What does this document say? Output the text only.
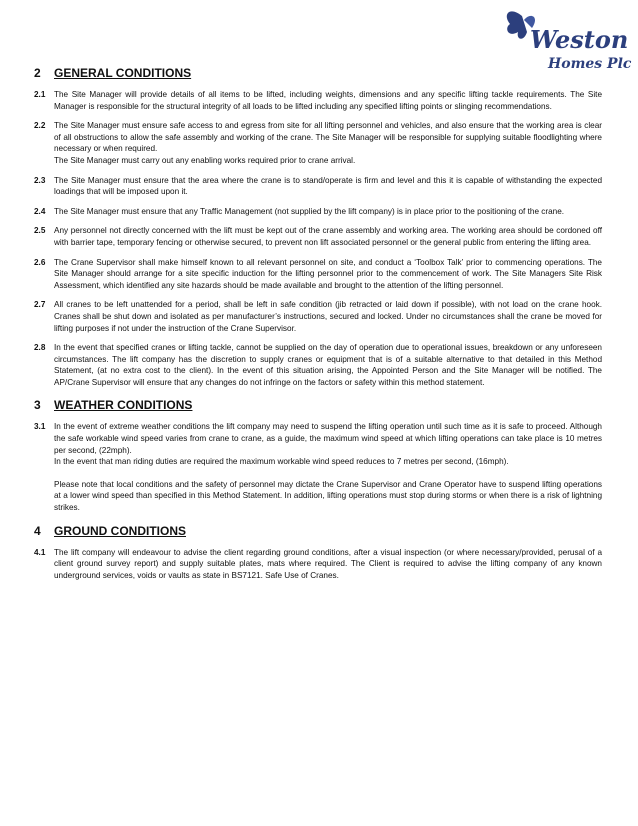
Weston
Homes Plc
2	GENERAL CONDITIONS
2.1	The Site Manager will provide details of all items to be lifted, including weights, dimensions and any specific lifting tackle requirements. The Site Manager is responsible for the structural integrity of all loads to be lifted including any specified lifting points or slinging recommendations.

2.2	The Site Manager must ensure safe access to and egress from site for all lifting personnel and vehicles, and also ensure that the working area is clear of all obstructions to allow the safe assembly and working of the crane. The Site Manager will be responsible for supplying suitable floodlighting where necessary or when required.

The Site Manager must carry out any enabling works required prior to crane arrival.

2.3	The Site Manager must ensure that the area where the crane is to stand/operate is firm and level and this it is capable of withstanding the expected loadings that will be imposed upon it.

2.4	The Site Manager must ensure that any Traffic Management (not supplied by the lift company) is in place prior to the positioning of the crane.

2.5	Any personnel not directly concerned with the lift must be kept out of the crane assembly and working area. The working area should be cordoned off with barrier tape, temporary fencing or otherwise secured, to prevent non lift associated personnel or the general public from entering the lifting area.

2.6	The Crane Supervisor shall make himself known to all relevant personnel on site, and conduct a ‘Toolbox Talk’ prior to commencing operations. The Site Manager should arrange for a site specific induction for the lifting personnel prior to the commencement of work. The Site Managers Site Risk Assessment, which identified any site hazards should be made available and brought to the attention of the lifting personnel.

2.7	All cranes to be left unattended for a period, shall be left in safe condition (jib retracted or laid down if possible), with not load on the crane hook. Cranes shall be shut down and isolated as per manufacturer’s instructions, secured and locked. Under no circumstances shall the crane be moved for lifting purposes if not under the instruction of the Crane Supervisor.

2.8	In the event that specified cranes or lifting tackle, cannot be supplied on the day of operation due to operational issues, breakdown or any unforeseen circumstances. The lift company has the discretion to supply cranes or equipment that is of a suitable alternative to that detailed in this Method Statement, (at no extra cost to the client). In the event of this situation arising, the Appointed Person and the Site Manager will be notified. The AP/Crane Supervisor will ensure that any changes do not infringe on the factors or safety within this method statement.

3	WEATHER CONDITIONS
3.1	In the event of extreme weather conditions the lift company may need to suspend the lifting operation until such time as it is safe to proceed. Although the safe workable wind speed varies from crane to crane, as a guide, the maximum wind speed at which lifting operations can take place is 10 metres per second, (22mph).

In the event that man riding duties are required the maximum workable wind speed reduces to 7 metres per second, (16mph).

Please note that local conditions and the safety of personnel may dictate the Crane Supervisor and Crane Operator have to suspend lifting operations at a lower wind speed than specified in this Method Statement. In addition, lifting operations must stop during storms or when there is a risk of lightning strikes.

4	GROUND CONDITIONS
4.1	The lift company will endeavour to advise the client regarding ground conditions, after a visual inspection (or where necessary/provided, perusal of a client ground survey report) and supply suitable plates, mats where required. The Client is required to advise the lifting company of any known underground services, voids or vaults as state in BS7121. Safe Use of Cranes.
